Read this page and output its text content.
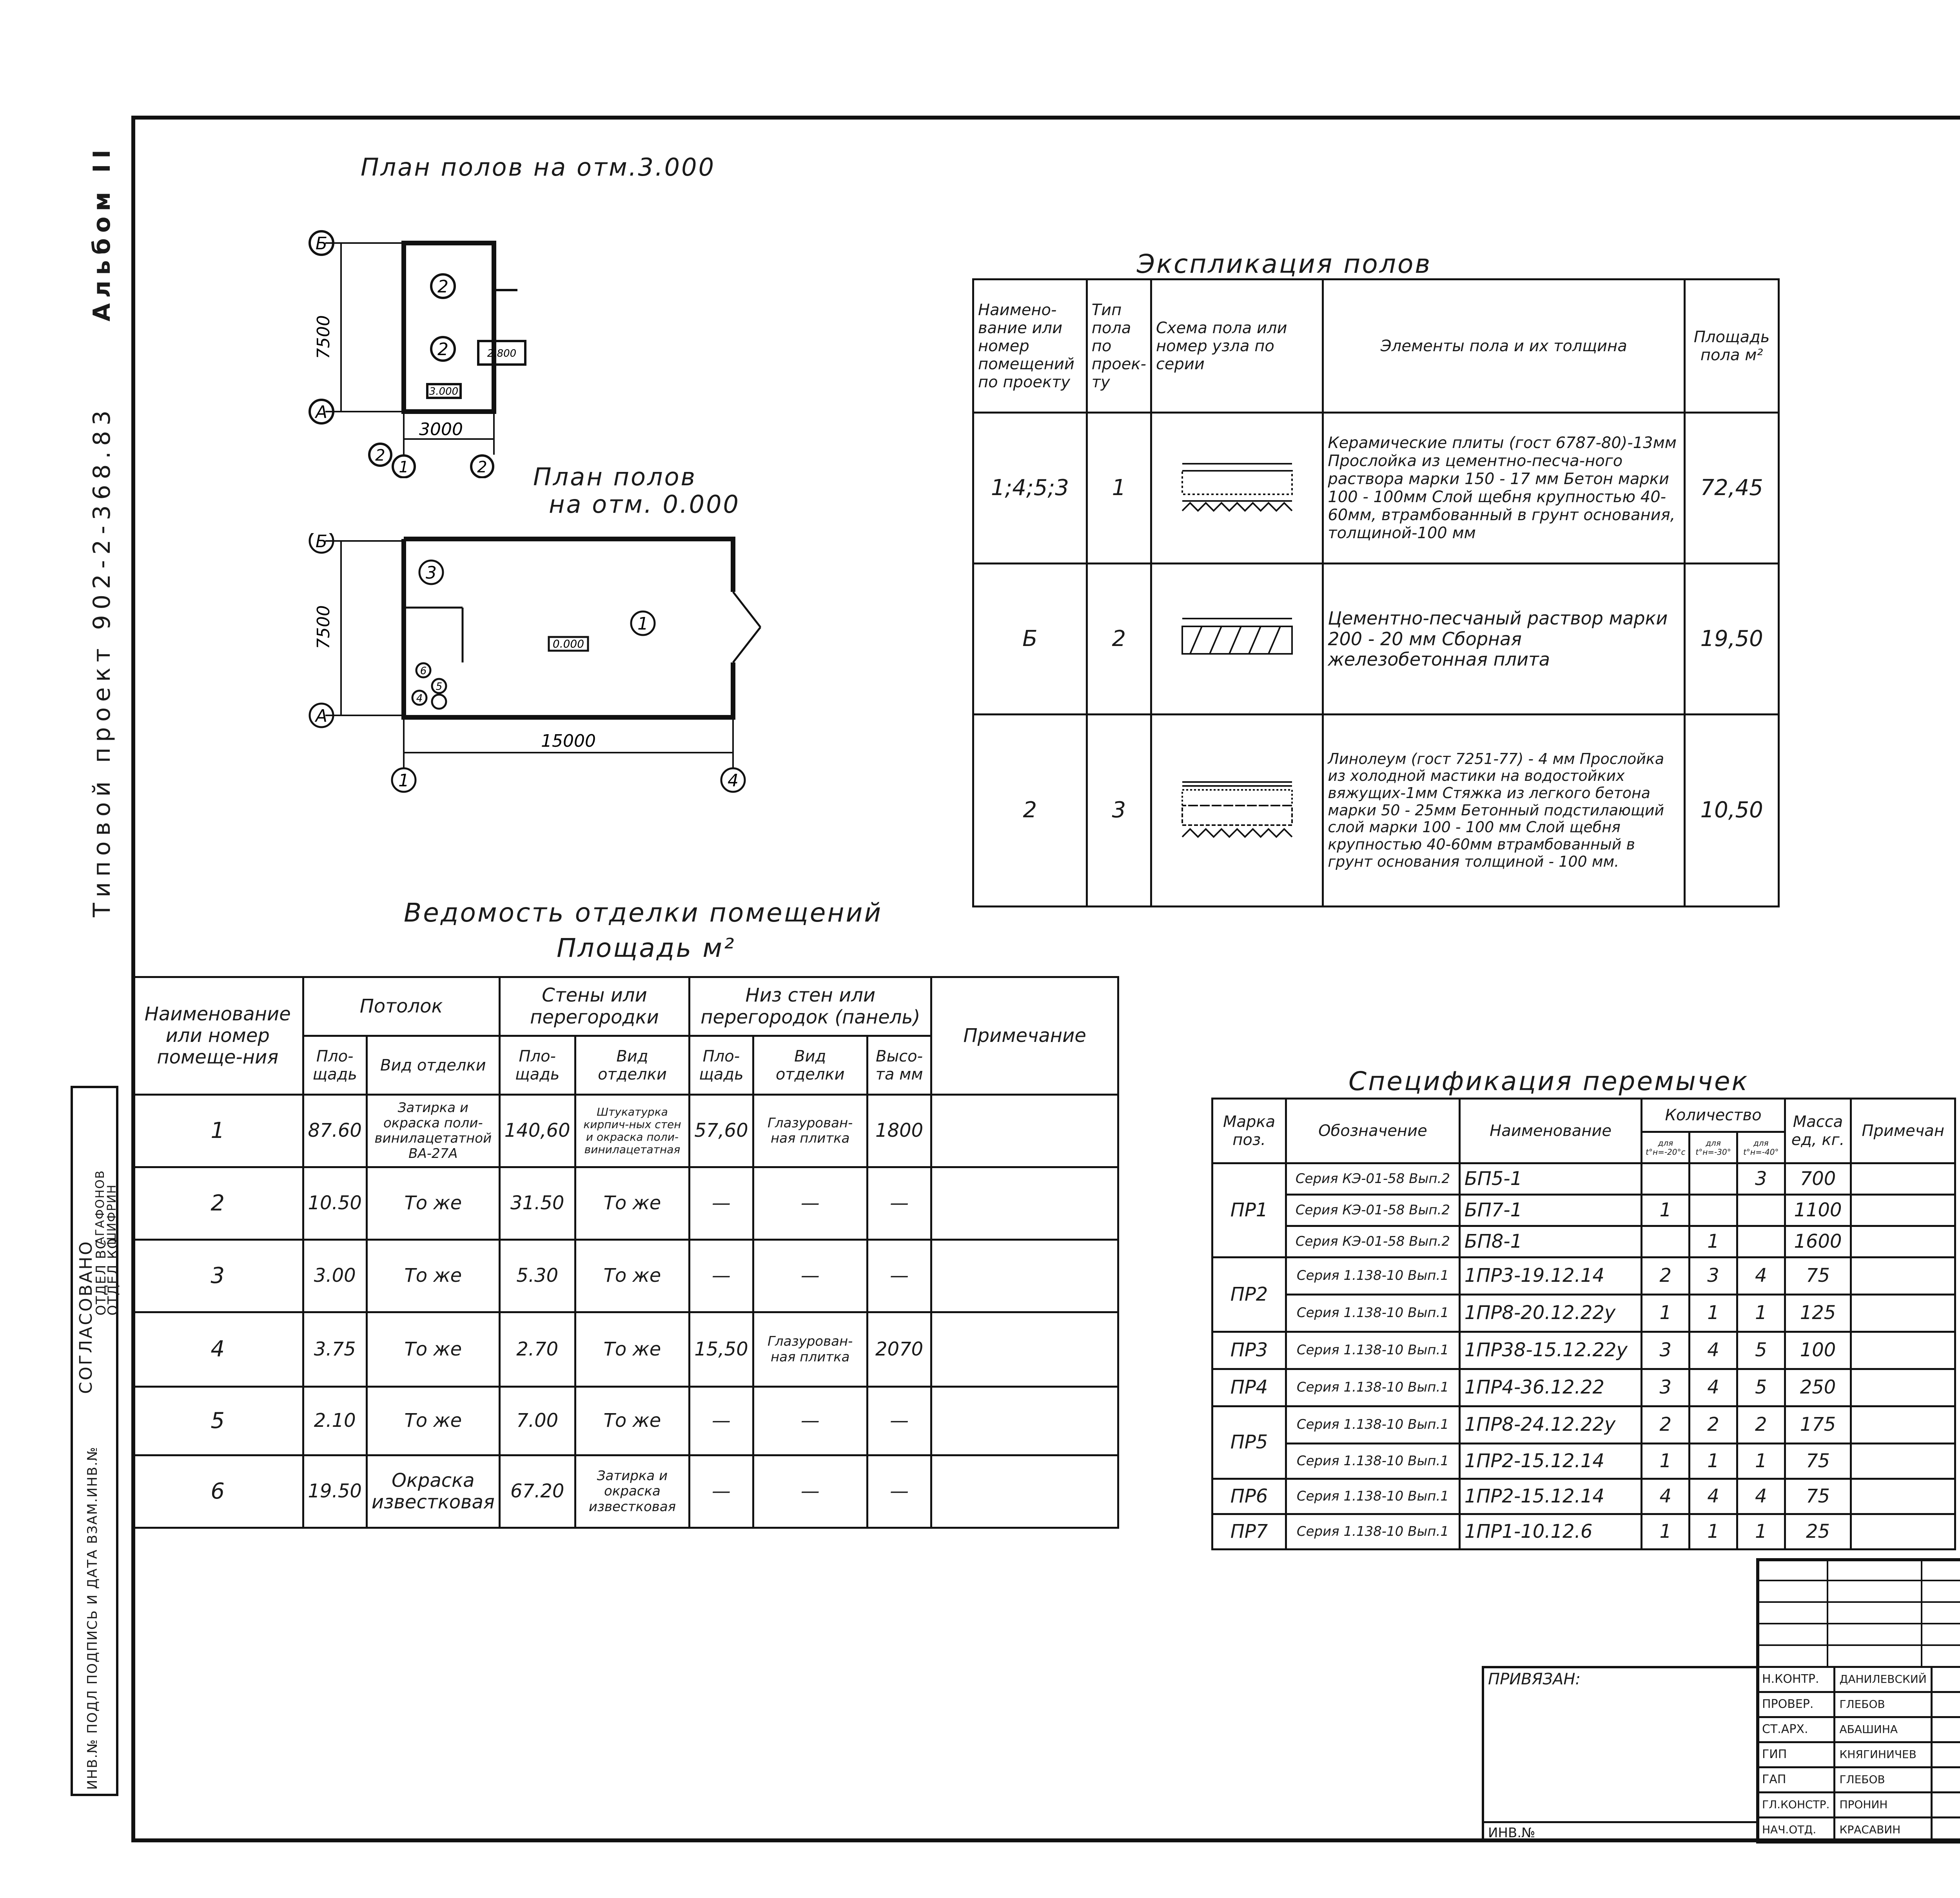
Типовой проект 902-2-368.83
Альбом II
СОГЛАСОВАНО
ОТДЕЛ ВС
АГАФОНОВ
ОТДЕЛ КО
ШИФРИН
ИНВ.№ ПОДЛ ПОДПИСЬ И ДАТА ВЗАМ.ИНВ.№
План полов на отм.3.000
План полов
на отм. 0.000
Б
А
1	2
2
2
2
7500
3000
3.000
2.800
Б
А
1	4
3
1
6
5
4
7500
15000
0.000
Экспликация полов
Наимено-вание или номер помещений по проекту	Тип пола по проек-ту	Схема пола или номер узла по серии	Элементы пола и их толщина	Площадь пола м²
1;4;5;3	1		Керамические плиты (гост 6787-80)-13мм Прослойка из цементно-песча-ного раствора марки 150 - 17 мм Бетон марки 100 - 100мм Слой щебня крупностью 40-60мм, втрамбованный в грунт основания, толщиной-100 мм	72,45
Б	2		Цементно-песчаный раствор марки 200 - 20 мм Сборная железобетонная плита	19,50
2	3		Линолеум (гост 7251-77) - 4 мм Прослойка из холодной мастики на водостойких вяжущих-1мм Стяжка из легкого бетона марки 50 - 25мм Бетонный подстилающий слой марки 100 - 100 мм Слой щебня крупностью 40-60мм втрамбованный в грунт основания толщиной - 100 мм.	10,50
Ведомость отделки помещений
Площадь м²
Наименование или номер помеще-ния	Потолок		Стены или перегородки		Низ стен или перегородок (панель)			Примечание
	Пло-щадь	Вид отделки	Пло-щадь	Вид отделки	Пло-щадь	Вид отделки	Высо-та мм	
1	87.60	Затирка и окраска поли-винилацетатной ВА-27А	140,60	Штукатурка кирпич-ных стен и окраска поли-винилацетатная	57,60	Глазурован-ная плитка	1800	
2	10.50	То же	31.50	То же	—	—	—	
3	3.00	То же	5.30	То же	—	—	—	
4	3.75	То же	2.70	То же	15,50	Глазурован-ная плитка	2070	
5	2.10	То же	7.00	То же	—	—	—	
6	19.50	Окраска известковая	67.20	Затирка и окраска известковая	—	—	—	
Спецификация перемычек
Марка поз.	Обозначение	Наименование	Количество			Масса ед, кг.	Примечан
			для t°н=-20°c	для t°н=-30°	для t°н=-40°		
ПР1	Серия КЭ-01-58 Вып.2	БП5-1			3	700	
	Серия КЭ-01-58 Вып.2	БП7-1	1			1100	
	Серия КЭ-01-58 Вып.2	БП8-1		1		1600	
ПР2	Серия 1.138-10 Вып.1	1ПР3-19.12.14	2	3	4	75	
	Серия 1.138-10 Вып.1	1ПР8-20.12.22у	1	1	1	125	
ПР3	Серия 1.138-10 Вып.1	1ПР38-15.12.22у	3	4	5	100	
ПР4	Серия 1.138-10 Вып.1	1ПР4-36.12.22	3	4	5	250	
ПР5	Серия 1.138-10 Вып.1	1ПР8-24.12.22у	2	2	2	175	
	Серия 1.138-10 Вып.1	1ПР2-15.12.14	1	1	1	75	
ПР6	Серия 1.138-10 Вып.1	1ПР2-15.12.14	4	4	4	75	
ПР7	Серия 1.138-10 Вып.1	1ПР1-10.12.6	1	1	1	25	
ПРИВЯЗАН:
ИНВ.№
Н.КОНТР.	ДАНИЛЕВСКИЙ		
ПРОВЕР.	ГЛЕБОВ		
СТ.АРХ.	АБАШИНА		
ГИП	КНЯГИНИЧЕВ		
ГАП	ГЛЕБОВ		
ГЛ.КОНСТР.	ПРОНИН		
НАЧ.ОТД.	КРАСАВИН		
